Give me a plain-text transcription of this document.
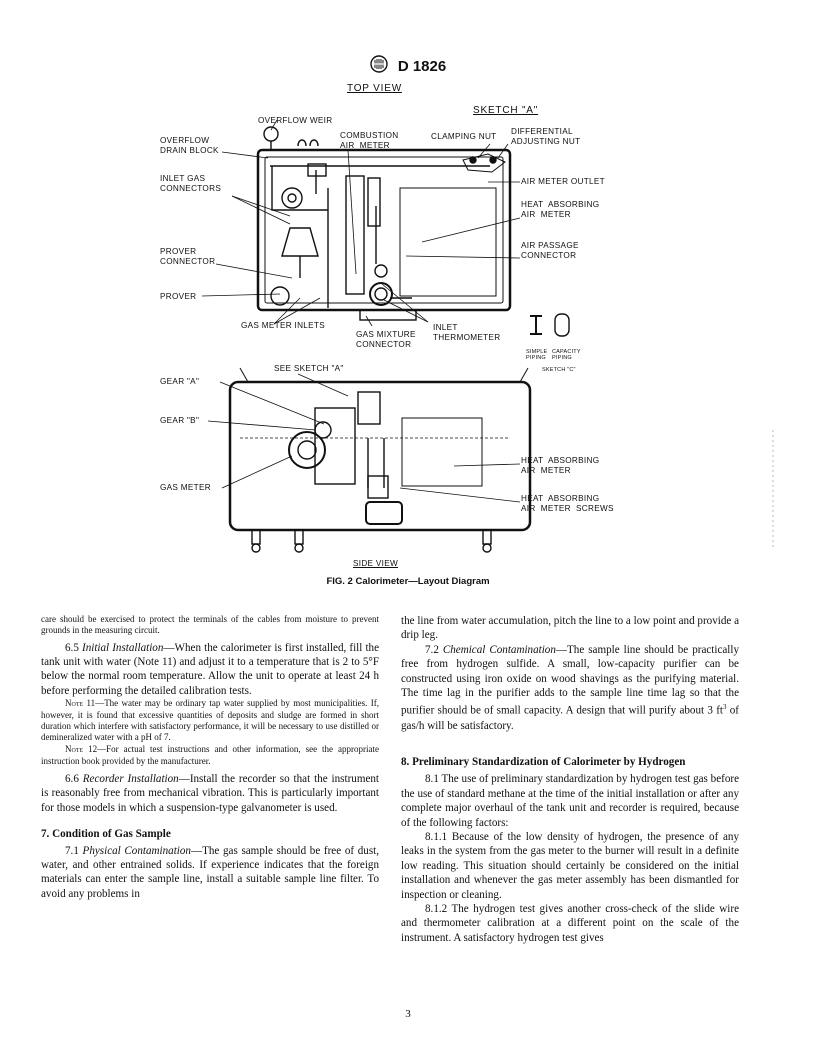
D 1826
TOP VIEW
SKETCH "A"
OVERFLOW WEIR
OVERFLOW
DRAIN BLOCK
COMBUSTION
AIR  METER
CLAMPING NUT
DIFFERENTIAL
ADJUSTING NUT
INLET GAS
CONNECTORS
AIR METER OUTLET
HEAT  ABSORBING
AIR  METER
PROVER
CONNECTOR
AIR PASSAGE
CONNECTOR
PROVER
GAS METER INLETS
GAS MIXTURE
CONNECTOR
INLET
THERMOMETER
SIMPLE
PIPING
CAPACITY
PIPING
SKETCH "C"
SEE SKETCH "A"
GEAR "A"
GEAR "B"
GAS METER
HEAT  ABSORBING
AIR  METER
HEAT  ABSORBING
AIR  METER  SCREWS
SIDE VIEW
FIG. 2 Calorimeter—Layout Diagram

care should be exercised to protect the terminals of the cables from moisture to prevent grounds in the measuring circuit.

6.5 Initial Installation—When the calorimeter is first installed, fill the tank unit with water (Note 11) and adjust it to a temperature that is 2 to 5°F below the normal room temperature. Allow the unit to operate at least 24 h before performing the detailed calibration tests.

Note 11—The water may be ordinary tap water supplied by most municipalities. If, however, it is found that excessive quantities of deposits and sludge are formed in short duration which interfere with satisfactory performance, it will be necessary to use distilled or demineralized water with a pH of 7.

Note 12—For actual test instructions and other information, see the appropriate instruction book provided by the manufacturer.

6.6 Recorder Installation—Install the recorder so that the instrument is reasonably free from mechanical vibration. This is particularly important for those models in which a suspension-type galvanometer is used.

7. Condition of Gas Sample

7.1 Physical Contamination—The gas sample should be free of dust, water, and other entrained solids. If experience indicates that the foreign materials can enter the sample line, install a suitable sample line filter. To avoid any problems in

the line from water accumulation, pitch the line to a low point and provide a drip leg.

7.2 Chemical Contamination—The sample line should be practically free from hydrogen sulfide. A small, low-capacity purifier can be constructed using iron oxide on wood shavings as the purifying material. The time lag in the purifier adds to the sample line time lag so that the purifier should be of small capacity. A design that will purify about 3 $ft^3$ of gas/h will be satisfactory.

8. Preliminary Standardization of Calorimeter by Hydrogen

8.1 The use of preliminary standardization by hydrogen test gas before the use of standard methane at the time of the initial installation or after any complete major overhaul of the tank unit and recorder is required, because of the following factors:

8.1.1 Because of the low density of hydrogen, the presence of any leaks in the system from the gas meter to the burner will result in a definite low reading. This situation should certainly be considered on the initial installation and whenever the gas meter assembly has been dismantled for inspection or cleaning.

8.1.2 The hydrogen test gives another cross-check of the slide wire and thermometer calibration at a different point on the scale of the instrument. A satisfactory hydrogen test gives

3
